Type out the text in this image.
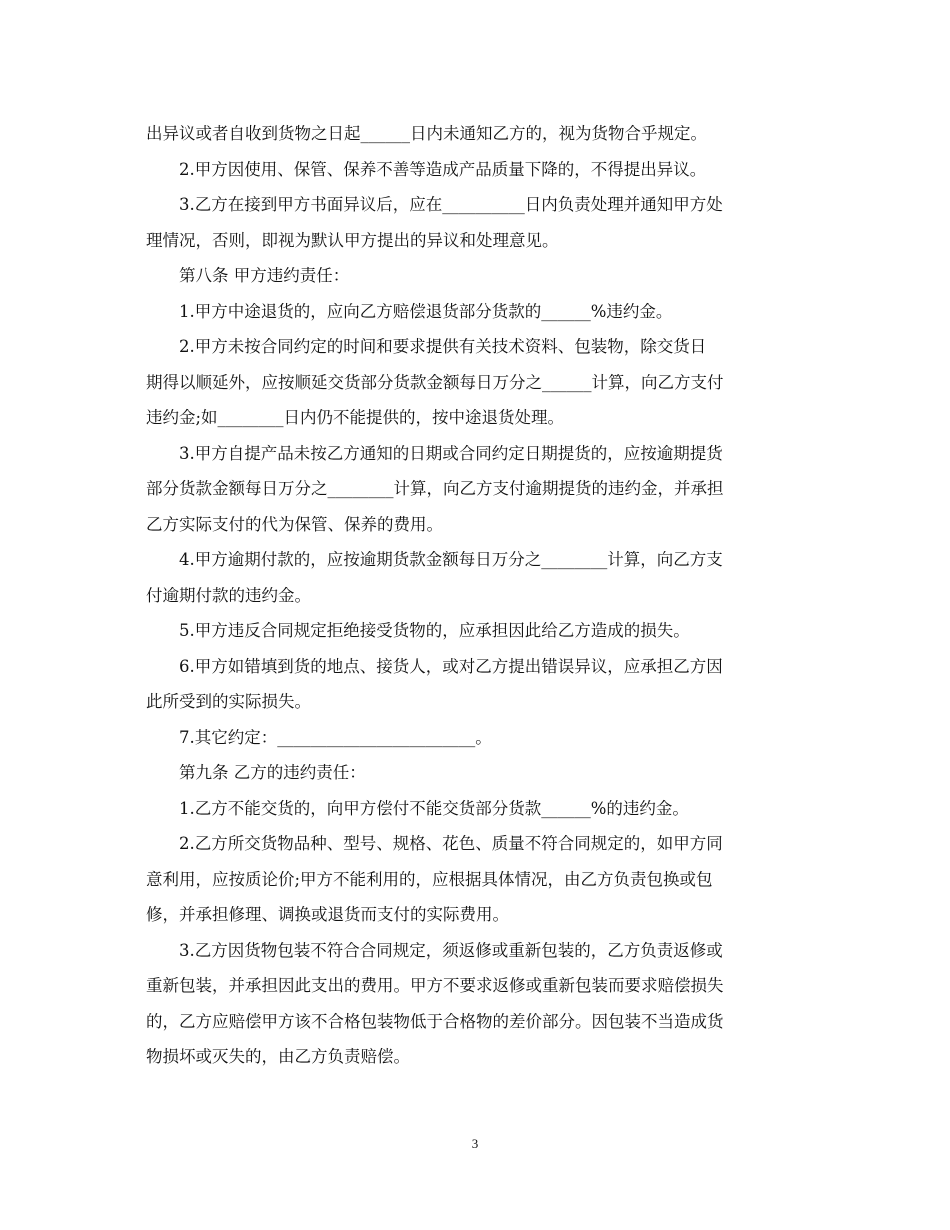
出异议或者自收到货物之日起______日内未通知乙方的，视为货物合乎规定。

　　2.甲方因使用、保管、保养不善等造成产品质量下降的，不得提出异议。

　　3.乙方在接到甲方书面异议后，应在__________日内负责处理并通知甲方处
理情况，否则，即视为默认甲方提出的异议和处理意见。

　　第八条 甲方违约责任：

　　1.甲方中途退货的，应向乙方赔偿退货部分货款的______%违约金。

　　2.甲方未按合同约定的时间和要求提供有关技术资料、包装物，除交货日
期得以顺延外，应按顺延交货部分货款金额每日万分之______计算，向乙方支付
违约金;如________日内仍不能提供的，按中途退货处理。

　　3.甲方自提产品未按乙方通知的日期或合同约定日期提货的，应按逾期提货
部分货款金额每日万分之________计算，向乙方支付逾期提货的违约金，并承担
乙方实际支付的代为保管、保养的费用。

　　4.甲方逾期付款的，应按逾期货款金额每日万分之________计算，向乙方支
付逾期付款的违约金。

　　5.甲方违反合同规定拒绝接受货物的，应承担因此给乙方造成的损失。

　　6.甲方如错填到货的地点、接货人，或对乙方提出错误异议，应承担乙方因
此所受到的实际损失。

　　7.其它约定：________________________。

　　第九条 乙方的违约责任：

　　1.乙方不能交货的，向甲方偿付不能交货部分货款______%的违约金。

　　2.乙方所交货物品种、型号、规格、花色、质量不符合同规定的，如甲方同
意利用，应按质论价;甲方不能利用的，应根据具体情况，由乙方负责包换或包
修，并承担修理、调换或退货而支付的实际费用。

　　3.乙方因货物包装不符合合同规定，须返修或重新包装的，乙方负责返修或
重新包装，并承担因此支出的费用。甲方不要求返修或重新包装而要求赔偿损失
的，乙方应赔偿甲方该不合格包装物低于合格物的差价部分。因包装不当造成货
物损坏或灭失的，由乙方负责赔偿。

3
